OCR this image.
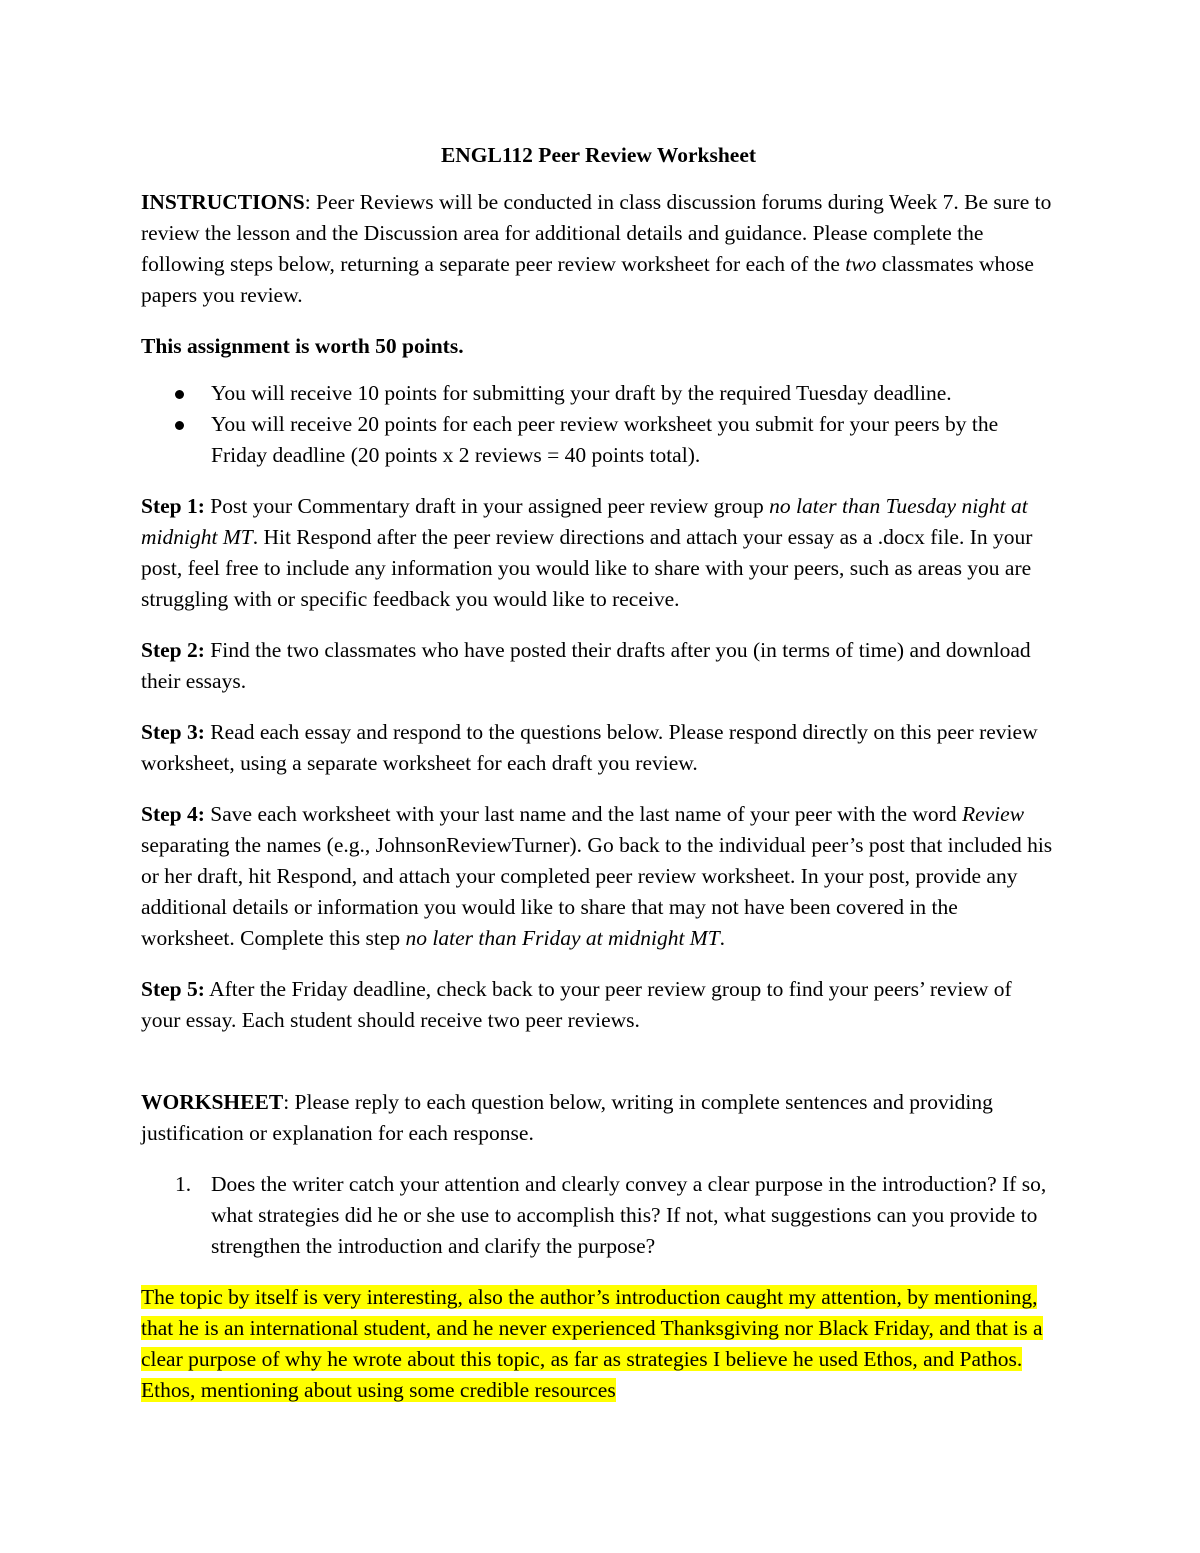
ENGL112 Peer Review Worksheet

INSTRUCTIONS: Peer Reviews will be conducted in class discussion forums during Week 7. Be sure to review the lesson and the Discussion area for additional details and guidance. Please complete the following steps below, returning a separate peer review worksheet for each of the two classmates whose papers you review.

This assignment is worth 50 points.

You will receive 10 points for submitting your draft by the required Tuesday deadline.
You will receive 20 points for each peer review worksheet you submit for your peers by the Friday deadline (20 points x 2 reviews = 40 points total).

Step 1: Post your Commentary draft in your assigned peer review group no later than Tuesday night at midnight MT. Hit Respond after the peer review directions and attach your essay as a .docx file. In your post, feel free to include any information you would like to share with your peers, such as areas you are struggling with or specific feedback you would like to receive.

Step 2: Find the two classmates who have posted their drafts after you (in terms of time) and download their essays.

Step 3: Read each essay and respond to the questions below. Please respond directly on this peer review worksheet, using a separate worksheet for each draft you review.

Step 4: Save each worksheet with your last name and the last name of your peer with the word Review separating the names (e.g., JohnsonReviewTurner). Go back to the individual peer’s post that included his or her draft, hit Respond, and attach your completed peer review worksheet. In your post, provide any additional details or information you would like to share that may not have been covered in the worksheet. Complete this step no later than Friday at midnight MT.

Step 5: After the Friday deadline, check back to your peer review group to find your peers’ review of your essay. Each student should receive two peer reviews.

WORKSHEET: Please reply to each question below, writing in complete sentences and providing justification or explanation for each response.

1. Does the writer catch your attention and clearly convey a clear purpose in the introduction? If so, what strategies did he or she use to accomplish this? If not, what suggestions can you provide to strengthen the introduction and clarify the purpose?

The topic by itself is very interesting, also the author’s introduction caught my attention, by mentioning, that he is an international student, and he never experienced Thanksgiving nor Black Friday, and that is a clear purpose of why he wrote about this topic, as far as strategies I believe he used Ethos, and Pathos. Ethos, mentioning about using some credible resources
